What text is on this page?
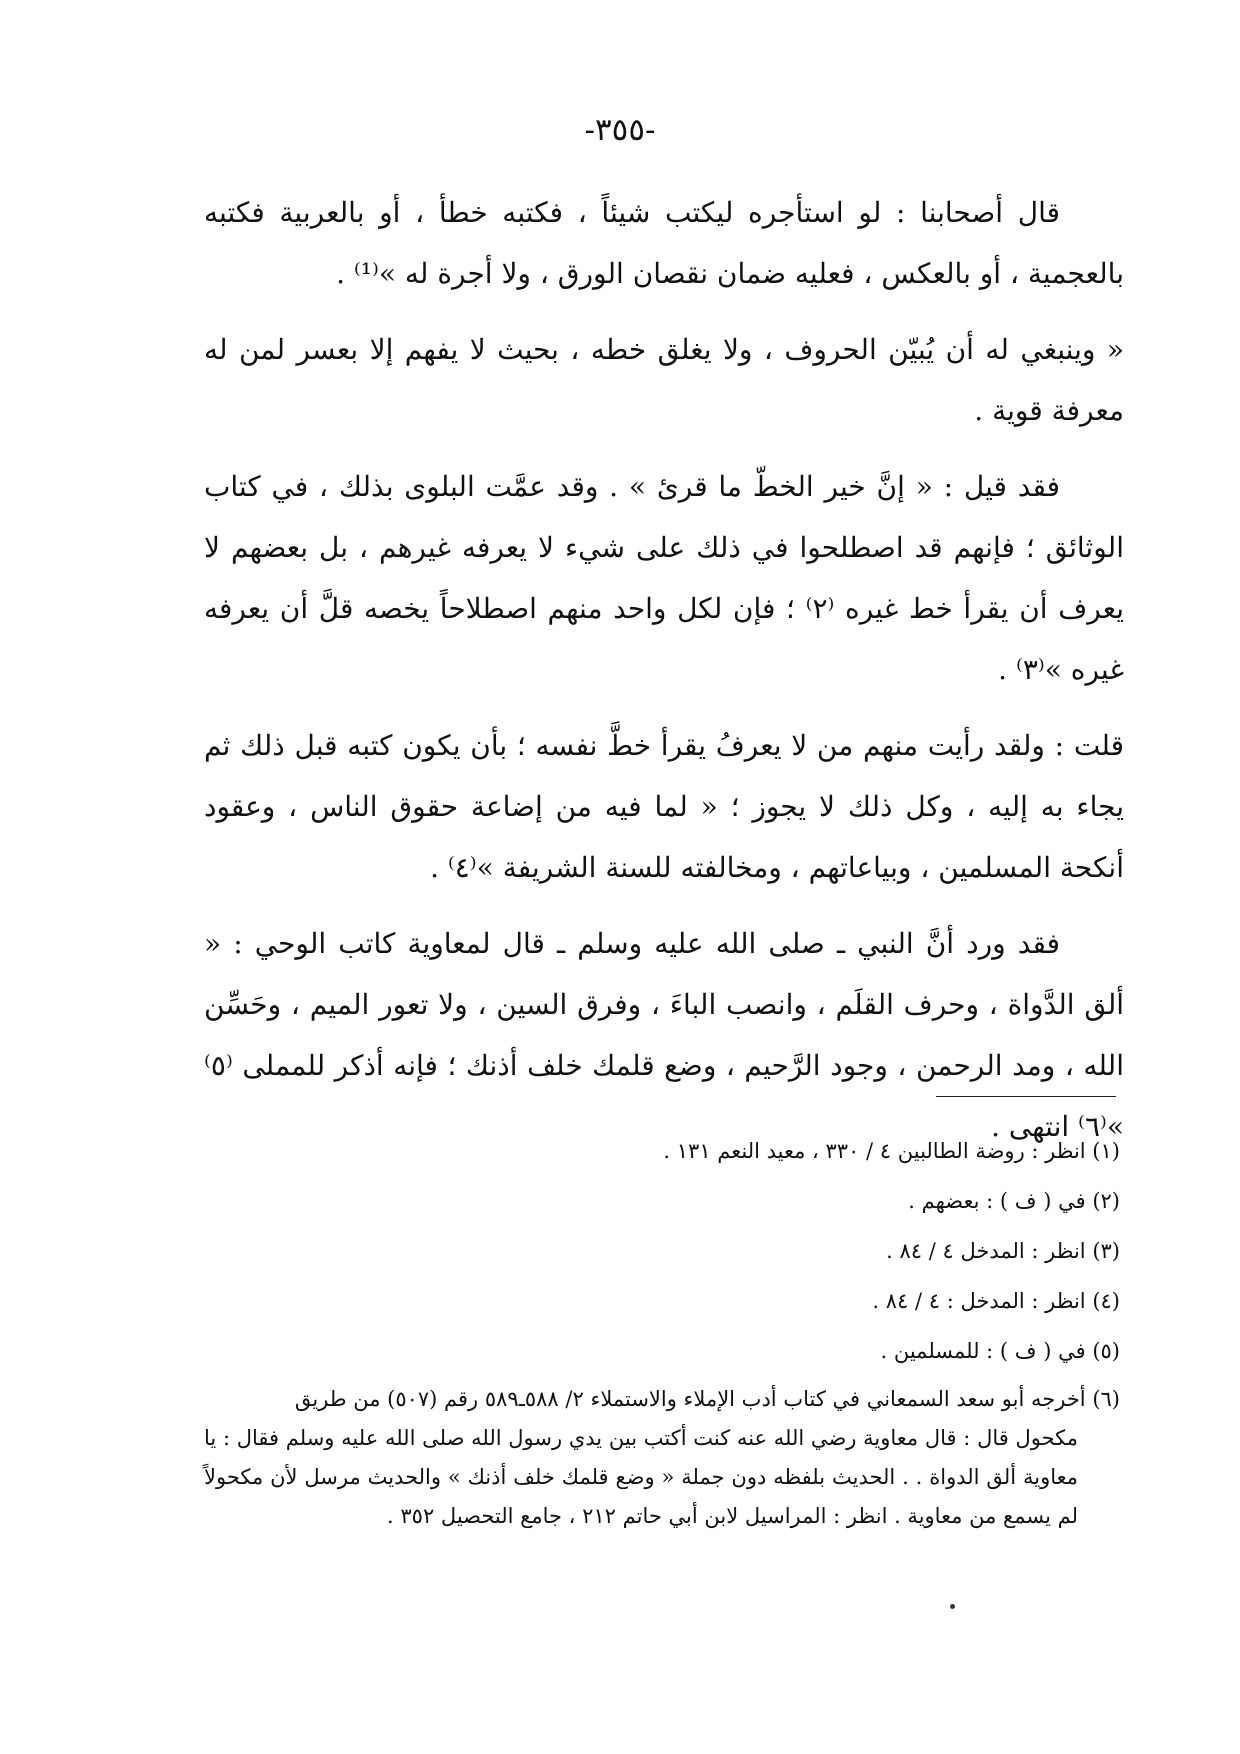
-٣٥٥-

قال أصحابنا : لو استأجره ليكتب شيئاً ، فكتبه خطأ ، أو بالعربية فكتبه بالعجمية ، أو بالعكس ، فعليه ضمان نقصان الورق ، ولا أجرة له »⁽¹⁾ .

« وينبغي له أن يُبيّن الحروف ، ولا يغلق خطه ، بحيث لا يفهم إلا بعسر لمن له معرفة قوية .

فقد قيل : « إنَّ خير الخطّ ما قرئ » . وقد عمَّت البلوى بذلك ، في كتاب الوثائق ؛ فإنهم قد اصطلحوا في ذلك على شيء لا يعرفه غيرهم ، بل بعضهم لا يعرف أن يقرأ خط غيره ⁽٢⁾ ؛ فإن لكل واحد منهم اصطلاحاً يخصه قلَّ أن يعرفه غيره »⁽٣⁾ .

قلت : ولقد رأيت منهم من لا يعرفُ يقرأ خطَّ نفسه ؛ بأن يكون كتبه قبل ذلك ثم يجاء به إليه ، وكل ذلك لا يجوز ؛ « لما فيه من إضاعة حقوق الناس ، وعقود أنكحة المسلمين ، وبياعاتهم ، ومخالفته للسنة الشريفة »⁽٤⁾ .

فقد ورد أنَّ النبي ـ صلى الله عليه وسلم ـ قال لمعاوية كاتب الوحي : « ألق الدَّواة ، وحرف القلَم ، وانصب الباءَ ، وفرق السين ، ولا تعور الميم ، وحَسِّن الله ، ومد الرحمن ، وجود الرَّحيم ، وضع قلمك خلف أذنك ؛ فإنه أذكر للمملى ⁽٥⁾ »⁽٦⁾ انتهى .

(١) انظر : روضة الطالبين ٤ / ٣٣٠ ، معيد النعم ١٣١ .

(٢) في ( ف ) : بعضهم .

(٣) انظر : المدخل ٤ / ٨٤ .

(٤) انظر : المدخل : ٤ / ٨٤ .

(٥) في ( ف ) : للمسلمين .

(٦) أخرجه أبو سعد السمعاني في كتاب أدب الإملاء والاستملاء ٢/ ٥٨٨ـ٥٨٩ رقم (٥٠٧) من طريق
مكحول قال : قال معاوية رضي الله عنه كنت أكتب بين يدي رسول الله صلى الله عليه وسلم فقال : يا معاوية ألق الدواة . . الحديث بلفظه دون جملة « وضع قلمك خلف أذنك » والحديث مرسل لأن مكحولاً لم يسمع من معاوية . انظر : المراسيل لابن أبي حاتم ٢١٢ ، جامع التحصيل ٣٥٢ .
